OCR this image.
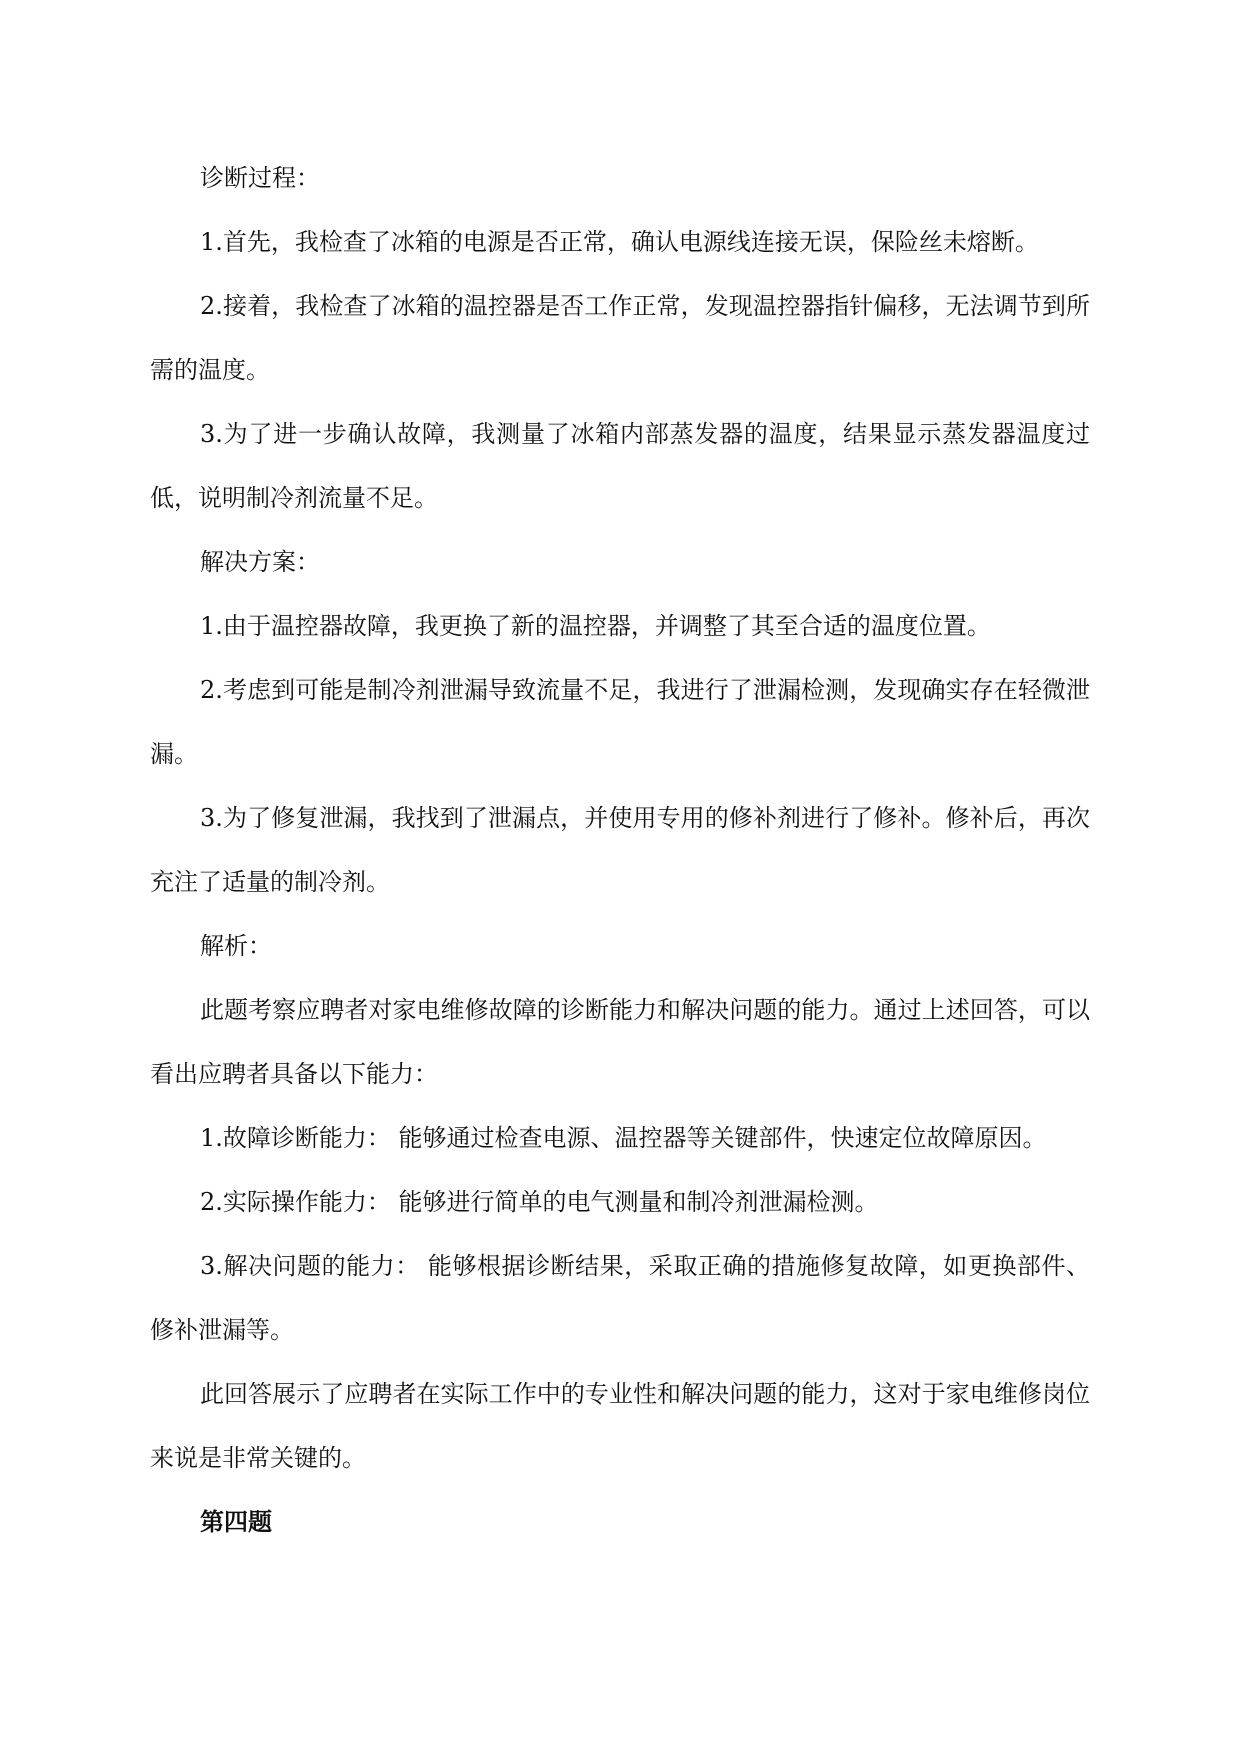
诊断过程：

1.首先，我检查了冰箱的电源是否正常，确认电源线连接无误，保险丝未熔断。

2.接着，我检查了冰箱的温控器是否工作正常，发现温控器指针偏移，无法调节到所需的温度。

3.为了进一步确认故障，我测量了冰箱内部蒸发器的温度，结果显示蒸发器温度过低，说明制冷剂流量不足。

解决方案：

1.由于温控器故障，我更换了新的温控器，并调整了其至合适的温度位置。

2.考虑到可能是制冷剂泄漏导致流量不足，我进行了泄漏检测，发现确实存在轻微泄漏。

3.为了修复泄漏，我找到了泄漏点，并使用专用的修补剂进行了修补。修补后，再次充注了适量的制冷剂。

解析：

此题考察应聘者对家电维修故障的诊断能力和解决问题的能力。通过上述回答，可以看出应聘者具备以下能力：

1.故障诊断能力： 能够通过检查电源、温控器等关键部件，快速定位故障原因。

2.实际操作能力： 能够进行简单的电气测量和制冷剂泄漏检测。

3.解决问题的能力： 能够根据诊断结果，采取正确的措施修复故障，如更换部件、修补泄漏等。

此回答展示了应聘者在实际工作中的专业性和解决问题的能力，这对于家电维修岗位来说是非常关键的。

第四题
